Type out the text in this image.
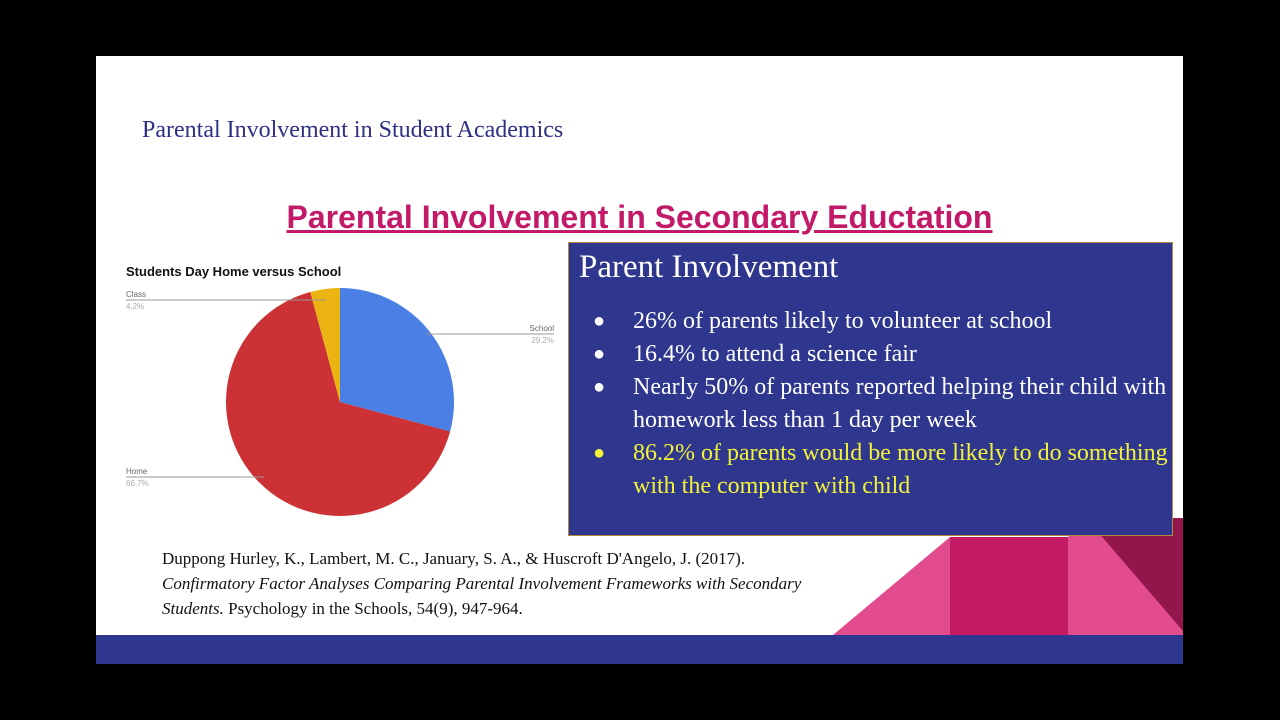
Parental Involvement in Student Academics
Parental Involvement in Secondary Eductation
Students Day Home versus School
School
29.2%
Home
66.7%
Class
4.2%
Parent Involvement
● 26% of parents likely to volunteer at school
● 16.4% to attend a science fair
● Nearly 50% of parents reported helping their child with homework less than 1 day per week
● 86.2% of parents would be more likely to do something with the computer with child
Duppong Hurley, K., Lambert, M. C., January, S. A., & Huscroft D'Angelo, J. (2017).
Confirmatory Factor Analyses Comparing Parental Involvement Frameworks with Secondary Students. Psychology in the Schools, 54(9), 947-964.
